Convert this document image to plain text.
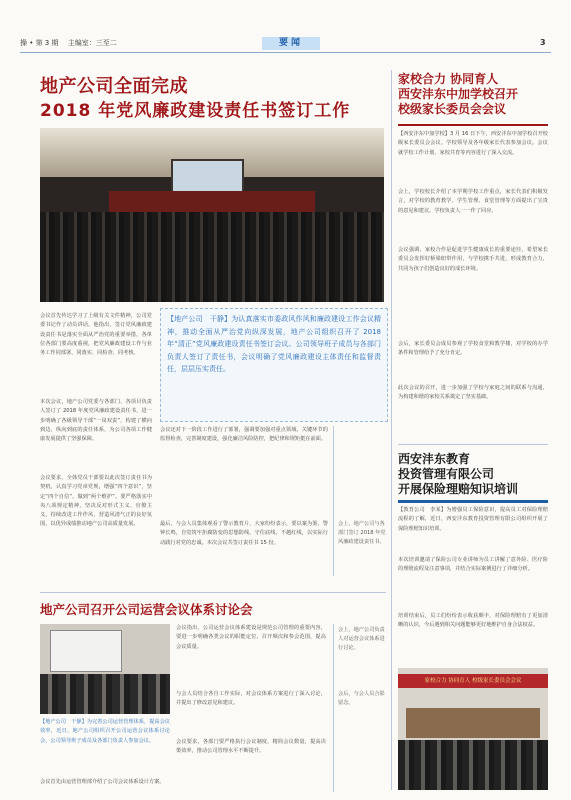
操 • 第 3 期 　主编室：三至二	要闻	3
地产公司全面完成
2018 年党风廉政建设责任书签订工作
会议首先传达学习了上级有关文件精神，公司党委书记作了动员讲话。他指出，签订党风廉政建设责任书是落实全面从严治党的重要举措，各单位各部门要高度重视，把党风廉政建设工作与业务工作同部署、同落实、同检查、同考核。
本次会议，地产公司党委与各部门、各项目负责人签订了 2018 年度党风廉政建设责任书，进一步明确了各级领导干部“一岗双责”，构建了横向到边、纵向到底的责任体系，为公司各项工作健康发展提供了坚强保障。
会议要求，全体党员干部要以此次签订责任书为契机，认真学习党章党规，增强“四个意识”，坚定“四个自信”，做到“两个维护”。要严格落实中央八项规定精神，坚决反对形式主义、官僚主义，持续改进工作作风，营造风清气正的良好氛围，以优异成绩推动地产公司高质量发展。
【地产公司　干静】为认真落实市委政风作风和廉政建设工作会议精神，推动全面从严治党向纵深发展，地产公司组织召开了 2018 年“清正”党风廉政建设责任书签订会议。公司领导班子成员与各部门负责人签订了责任书，会议明确了党风廉政建设主体责任和监督责任，层层压实责任。
会议还对下一阶段工作进行了部署，强调要加强对重点领域、关键环节的监督检查，完善制度建设，强化廉洁风险防控，把纪律和规矩挺在前面。
最后，与会人员集体观看了警示教育片，大家纷纷表示，要以案为鉴、警钟长鸣，自觉筑牢拒腐防变的思想防线，守住底线、不越红线，以实际行动践行对党的忠诚。本次会议共签订责任书 15 份。
会上，地产公司与各部门签订 2018 年党风廉政建设责任书。
家校合力 协同育人
西安沣东中加学校召开
校级家长委员会会议
【西安沣东中加学校】3 月 16 日下午，西安沣东中加学校召开校级家长委员会会议。学校领导及各年级家长代表参加会议。会议就学校工作计划、家校共育等内容进行了深入交流。
会上，学校校长介绍了本学期学校工作重点，家长代表们积极发言，对学校的教育教学、学生管理、食堂管理等方面提出了宝贵的意见和建议。学校负责人一一作了回应。
会议强调，家校合作是促进学生健康成长的重要途径，希望家长委员会发挥好桥梁纽带作用，与学校携手共进，形成教育合力，共同为孩子们创造良好的成长环境。
会后，家长委员会成员参观了学校食堂和教学楼，对学校的办学条件和管理给予了充分肯定。
此次会议的召开，进一步加强了学校与家庭之间的联系与沟通，为构建和谐的家校关系奠定了坚实基础。
西安沣东教育
投资管理有限公司
开展保险理赔知识培训
【教育公司　李某】为增强员工保险意识，提高员工对保险理赔流程的了解，近日，西安沣东教育投资管理有限公司组织开展了保险理赔知识培训。
本次培训邀请了保险公司专业讲师为员工讲解了意外险、医疗险的理赔流程及注意事项，并结合实际案例进行了详细分析。
培训结束后，员工们纷纷表示收获颇丰，对保险理赔有了更加清晰的认识，今后遇到相关问题能够更好地维护自身合法权益。
家校合力 协同育人 校级家长委员会会议
地产公司召开公司运营会议体系讨论会
【地产公司　干静】为完善公司运营管理体系，提高会议效率，近日，地产公司组织召开公司运营会议体系讨论会，公司领导班子成员及各部门负责人参加会议。
会议首先由运营管理部介绍了公司会议体系设计方案。
会议指出，公司运营会议体系建设是规范公司管理的重要内容，要进一步明确各类会议的职能定位、召开频次和参会范围，提高会议质量。
与会人员结合各自工作实际，对会议体系方案进行了深入讨论，并提出了修改意见和建议。
会议要求，各部门要严格执行会议制度，精简会议数量，提高决策效率，推动公司管理水平不断提升。
会上，地产公司负责人对运营会议体系进行讨论。
会后，与会人员合影留念。
